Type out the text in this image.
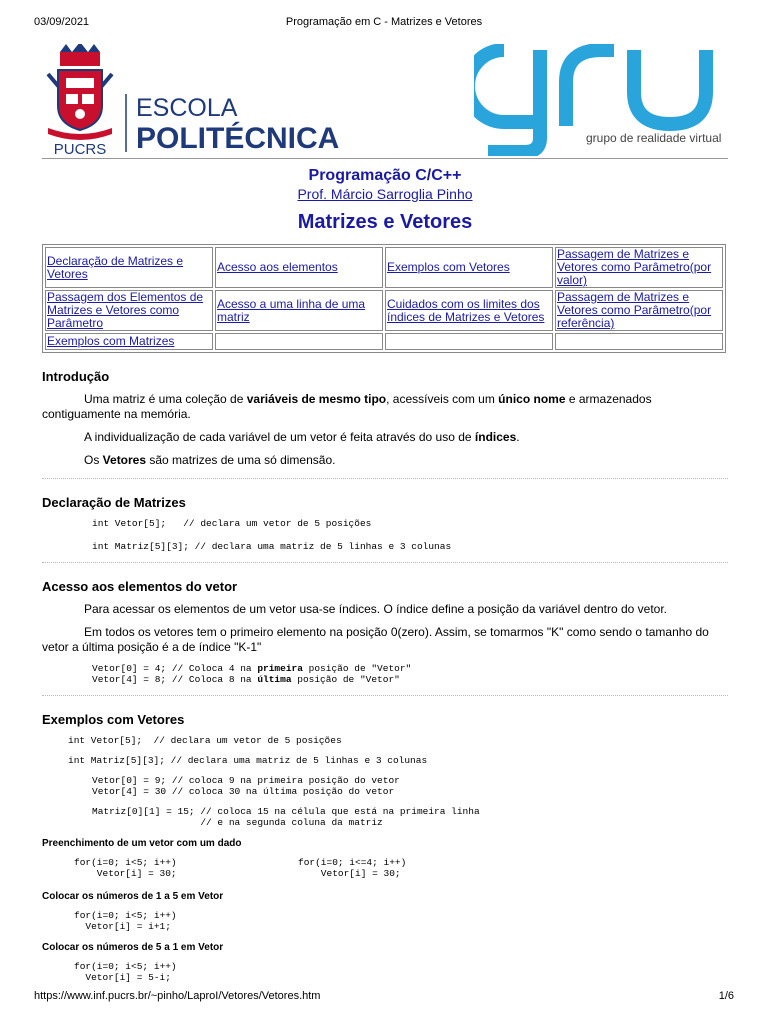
03/09/2021	Programação em C - Matrizes e Vetores
PUCRS
ESCOLA
POLITÉCNICA	grupo de realidade virtual
Programação C/C++
Prof. Márcio Sarroglia Pinho
Matrizes e Vetores
Declaração de Matrizes e Vetores	Acesso aos elementos	Exemplos com Vetores	Passagem de Matrizes e Vetores como Parâmetro(por valor)
Passagem dos Elementos de Matrizes e Vetores como Parâmetro	Acesso a uma linha de uma matriz	Cuidados com os limites dos índices de Matrizes e Vetores	Passagem de Matrizes e Vetores como Parâmetro(por referência)
Exemplos com Matrizes			
Introdução

Uma matriz é uma coleção de variáveis de mesmo tipo, acessíveis com um único nome e armazenados contiguamente na memória.

A individualização de cada variável de um vetor é feita através do uso de índices.

Os Vetores são matrizes de uma só dimensão.

Declaração de Matrizes
int Vetor[5];   // declara um vetor de 5 posições
int Matriz[5][3]; // declara uma matriz de 5 linhas e 3 colunas
Acesso aos elementos do vetor

Para acessar os elementos de um vetor usa-se índices. O índice define a posição da variável dentro do vetor.

Em todos os vetores tem o primeiro elemento na posição 0(zero). Assim, se tomarmos "K" como sendo o tamanho do vetor a última posição é a de índice "K-1"

Vetor[0] = 4; // Coloca 4 na primeira posição de "Vetor"
Vetor[4] = 8; // Coloca 8 na última posição de "Vetor"
Exemplos com Vetores
int Vetor[5];  // declara um vetor de 5 posições
int Matriz[5][3]; // declara uma matriz de 5 linhas e 3 colunas
Vetor[0] = 9; // coloca 9 na primeira posição do vetor
Vetor[4] = 30 // coloca 30 na última posição do vetor
Matriz[0][1] = 15; // coloca 15 na célula que está na primeira linha
// e na segunda coluna da matriz
Preenchimento de um vetor com um dado
for(i=0; i<5; i++)
Vetor[i] = 30;
for(i=0; i<=4; i++)
Vetor[i] = 30;
Colocar os números de 1 a 5 em Vetor
for(i=0; i<5; i++)
Vetor[i] = i+1;
Colocar os números de 5 a 1 em Vetor
for(i=0; i<5; i++)
Vetor[i] = 5-i;
https://www.inf.pucrs.br/~pinho/LaproI/Vetores/Vetores.htm	1/6
